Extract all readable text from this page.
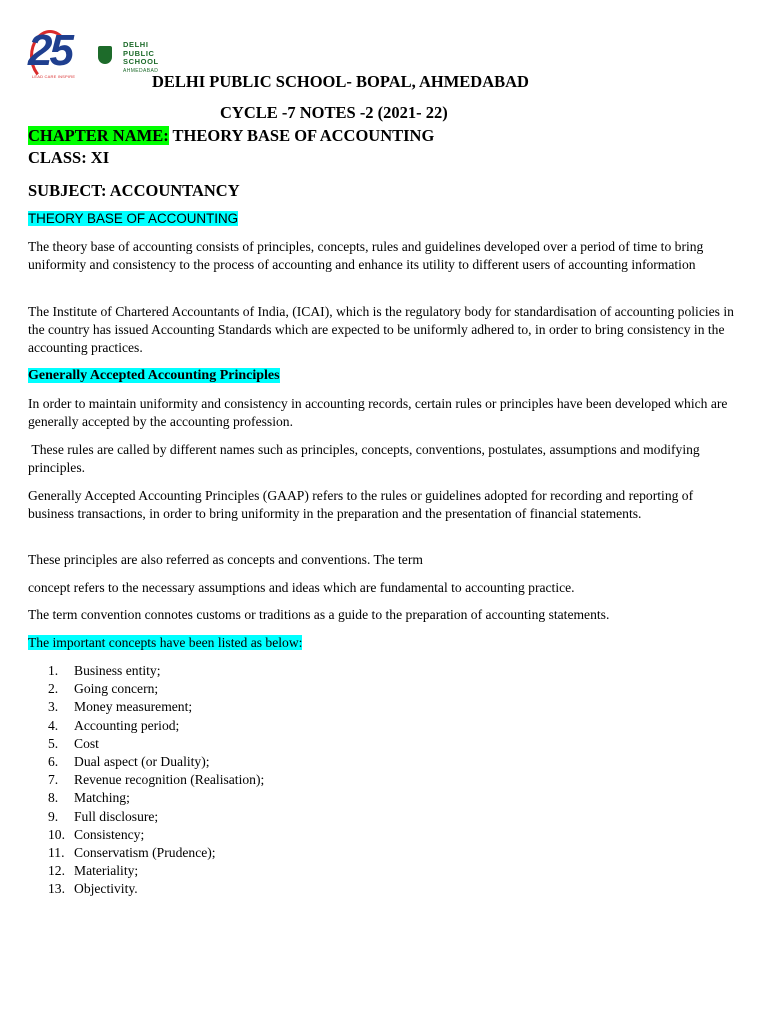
25
LEAD CARE INSPIRE
DELHI
PUBLIC
SCHOOL
AHMEDABAD
DELHI PUBLIC SCHOOL- BOPAL, AHMEDABAD
CYCLE -7 NOTES -2 (2021- 22)
CHAPTER NAME: THEORY BASE OF ACCOUNTING
CLASS: XI
SUBJECT: ACCOUNTANCY
THEORY BASE OF ACCOUNTING
The theory base of accounting consists of principles, concepts, rules and guidelines developed over a period of time to bring uniformity and consistency to the process of accounting and enhance its utility to different users of accounting information
The Institute of Chartered Accountants of India, (ICAI), which is the regulatory body for standardisation of accounting policies in the country has issued Accounting Standards which are expected to be uniformly adhered to, in order to bring consistency in the accounting practices.
Generally Accepted Accounting Principles
In order to maintain uniformity and consistency in accounting records, certain rules or principles have been developed which are generally accepted by the accounting profession.
These rules are called by different names such as principles, concepts, conventions, postulates, assumptions and modifying principles.
Generally Accepted Accounting Principles (GAAP) refers to the rules or guidelines adopted for recording and reporting of business transactions, in order to bring uniformity in the preparation and the presentation of financial statements.
These principles are also referred as concepts and conventions. The term
concept refers to the necessary assumptions and ideas which are fundamental to accounting practice.
The term convention connotes customs or traditions as a guide to the preparation of accounting statements.
The important concepts have been listed as below:
1.	Business entity;
2.	Going concern;
3.	Money measurement;
4.	Accounting period;
5.	Cost
6.	Dual aspect (or Duality);
7.	Revenue recognition (Realisation);
8.	Matching;
9.	Full disclosure;
10. Consistency;
11. Conservatism (Prudence);
12. Materiality;
13. Objectivity.
